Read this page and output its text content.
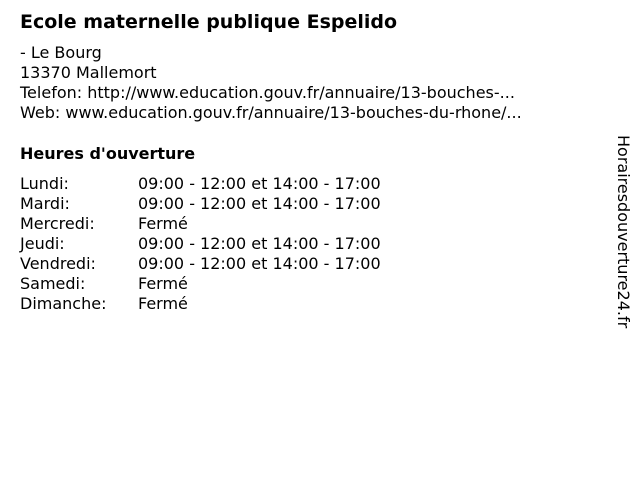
Ecole maternelle publique Espelido
- Le Bourg
13370 Mallemort
Telefon: http://www.education.gouv.fr/annuaire/13-bouches-...
Web: www.education.gouv.fr/annuaire/13-bouches-du-rhone/...
Heures d'ouverture
Lundi:	09:00 - 12:00 et 14:00 - 17:00
Mardi:	09:00 - 12:00 et 14:00 - 17:00
Mercredi:	Fermé
Jeudi:	09:00 - 12:00 et 14:00 - 17:00
Vendredi:	09:00 - 12:00 et 14:00 - 17:00
Samedi:	Fermé
Dimanche: Fermé	Horairesdouverture24.fr
